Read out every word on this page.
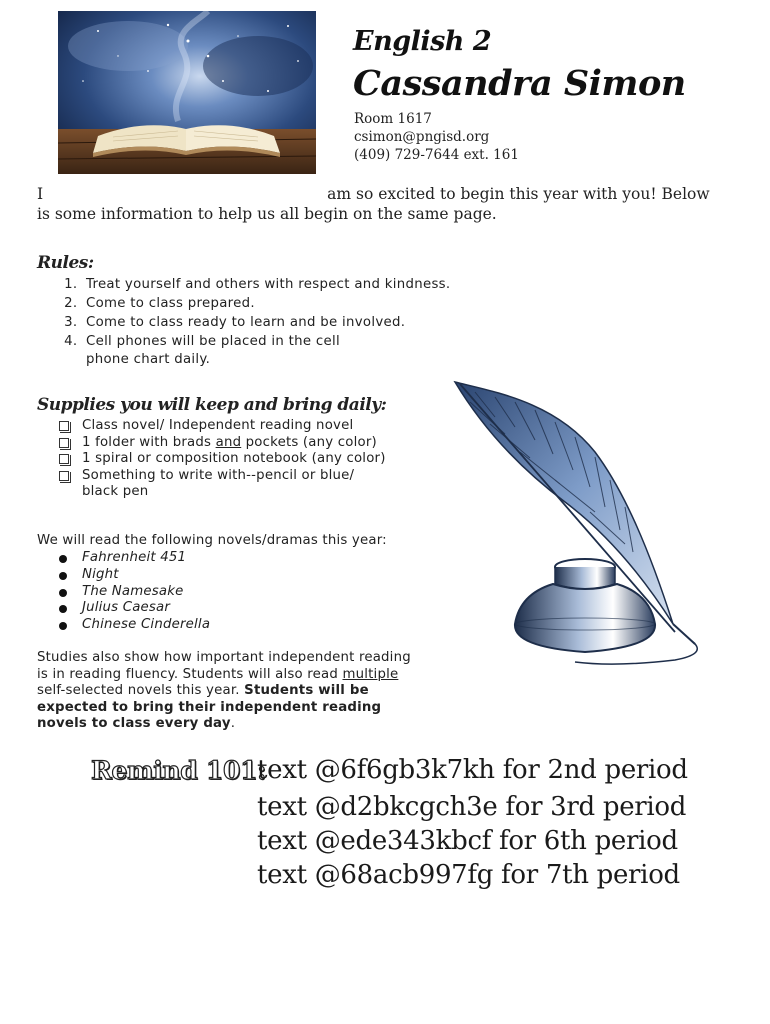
English 2
Cassandra Simon
Room 1617
csimon@pngisd.org
(409) 729-7644 ext. 161
I	am so excited to begin this year with you! Below is some information to help us all begin on the same page.
Rules:
1. Treat yourself and others with respect and kindness.
2. Come to class prepared.
3. Come to class ready to learn and be involved.
4. Cell phones will be placed in the cell phone chart daily.
Supplies you will keep and bring daily:
Class novel/ Independent reading novel
1 folder with brads and pockets (any color)
1 spiral or composition notebook (any color)
Something to write with--pencil or blue/ black pen
We will read the following novels/dramas this year:
Fahrenheit 451
Night
The Namesake
Julius Caesar
Chinese Cinderella
Studies also show how important independent reading is in reading fluency. Students will also read multiple self-selected novels this year. Students will be expected to bring their independent reading novels to class every day.
Remind 101:
text @6f6gb3k7kh for 2nd period
text @d2bkcgch3e for 3rd period
text @ede343kbcf for 6th period
text @68acb997fg for 7th period
